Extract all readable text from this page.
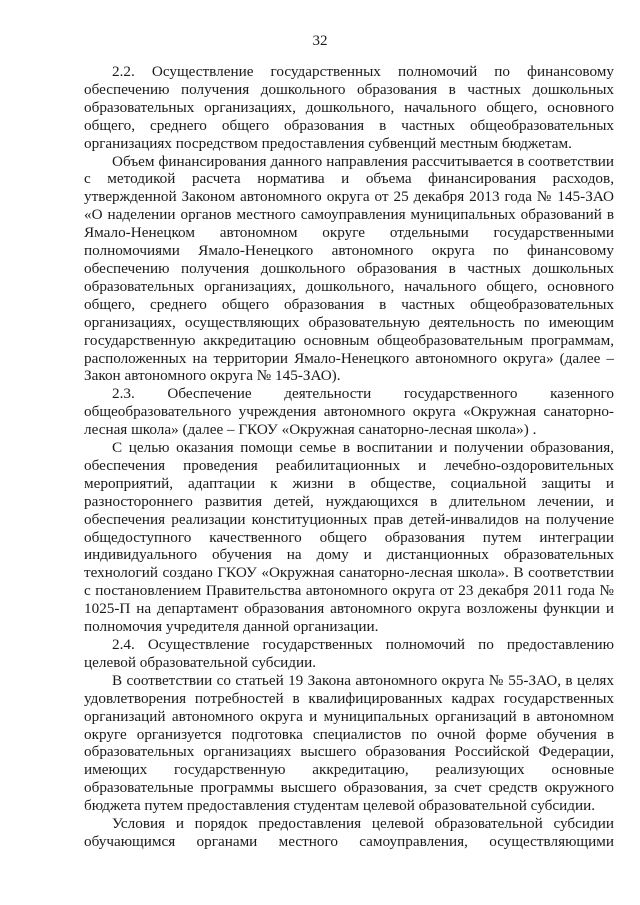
32

2.2. Осуществление государственных полномочий по финансовому обеспечению получения дошкольного образования в частных дошкольных образовательных организациях, дошкольного, начального общего, основного общего, среднего общего образования в частных общеобразовательных организациях посредством предоставления субвенций местным бюджетам.

Объем финансирования данного направления рассчитывается в соответствии с методикой расчета норматива и объема финансирования расходов, утвержденной Законом автономного округа от 25 декабря 2013 года № 145-ЗАО «О наделении органов местного самоуправления муниципальных образований в Ямало-Ненецком автономном округе отдельными государственными полномочиями Ямало-Ненецкого автономного округа по финансовому обеспечению получения дошкольного образования в частных дошкольных образовательных организациях, дошкольного, начального общего, основного общего, среднего общего образования в частных общеобразовательных организациях, осуществляющих образовательную деятельность по имеющим государственную аккредитацию основным общеобразовательным программам, расположенных на территории Ямало-Ненецкого автономного округа» (далее – Закон автономного округа № 145-ЗАО).

2.3. Обеспечение деятельности государственного казенного общеобразовательного учреждения автономного округа «Окружная санаторно-лесная школа» (далее – ГКОУ «Окружная санаторно-лесная школа») .

С целью оказания помощи семье в воспитании и получении образования, обеспечения проведения реабилитационных и лечебно-оздоровительных мероприятий, адаптации к жизни в обществе, социальной защиты и разностороннего развития детей, нуждающихся в длительном лечении, и обеспечения реализации конституционных прав детей-инвалидов на получение общедоступного качественного общего образования путем интеграции индивидуального обучения на дому и дистанционных образовательных технологий создано ГКОУ «Окружная санаторно-лесная школа». В соответствии с постановлением Правительства автономного округа от 23 декабря 2011 года № 1025-П на департамент образования автономного округа возложены функции и полномочия учредителя данной организации.

2.4. Осуществление государственных полномочий по предоставлению целевой образовательной субсидии.

В соответствии со статьей 19 Закона автономного округа № 55-ЗАО, в целях удовлетворения потребностей в квалифицированных кадрах государственных организаций автономного округа и муниципальных организаций в автономном округе организуется подготовка специалистов по очной форме обучения в образовательных организациях высшего образования Российской Федерации, имеющих государственную аккредитацию, реализующих основные образовательные программы высшего образования, за счет средств окружного бюджета путем предоставления студентам целевой образовательной субсидии.

Условия и порядок предоставления целевой образовательной субсидии обучающимся органами местного самоуправления, осуществляющими
